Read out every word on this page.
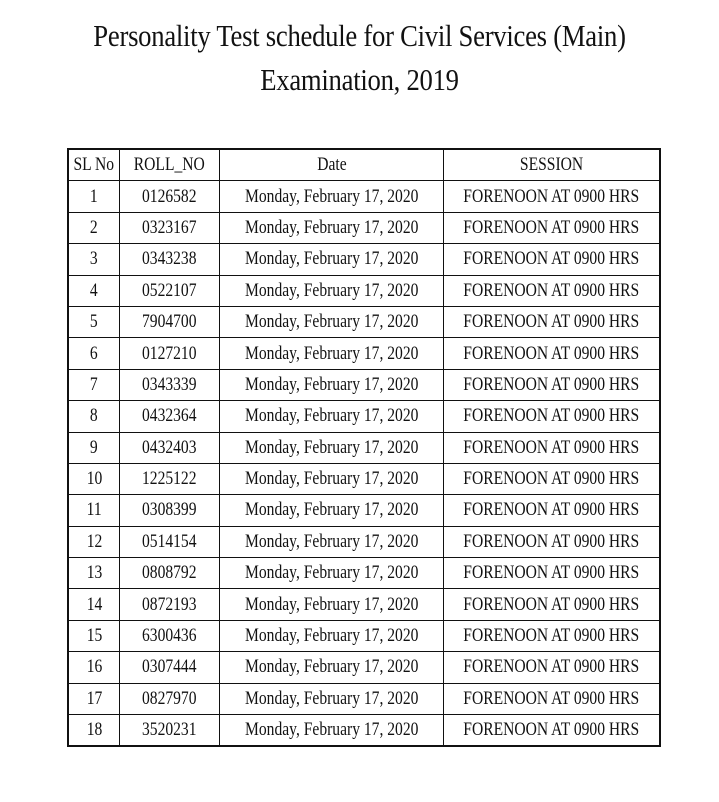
Personality Test schedule for Civil Services (Main)
Examination, 2019
SL No	ROLL_NO	Date	SESSION
1	0126582	Monday, February 17, 2020	FORENOON AT 0900 HRS
2	0323167	Monday, February 17, 2020	FORENOON AT 0900 HRS
3	0343238	Monday, February 17, 2020	FORENOON AT 0900 HRS
4	0522107	Monday, February 17, 2020	FORENOON AT 0900 HRS
5	7904700	Monday, February 17, 2020	FORENOON AT 0900 HRS
6	0127210	Monday, February 17, 2020	FORENOON AT 0900 HRS
7	0343339	Monday, February 17, 2020	FORENOON AT 0900 HRS
8	0432364	Monday, February 17, 2020	FORENOON AT 0900 HRS
9	0432403	Monday, February 17, 2020	FORENOON AT 0900 HRS
10	1225122	Monday, February 17, 2020	FORENOON AT 0900 HRS
11	0308399	Monday, February 17, 2020	FORENOON AT 0900 HRS
12	0514154	Monday, February 17, 2020	FORENOON AT 0900 HRS
13	0808792	Monday, February 17, 2020	FORENOON AT 0900 HRS
14	0872193	Monday, February 17, 2020	FORENOON AT 0900 HRS
15	6300436	Monday, February 17, 2020	FORENOON AT 0900 HRS
16	0307444	Monday, February 17, 2020	FORENOON AT 0900 HRS
17	0827970	Monday, February 17, 2020	FORENOON AT 0900 HRS
18	3520231	Monday, February 17, 2020	FORENOON AT 0900 HRS
